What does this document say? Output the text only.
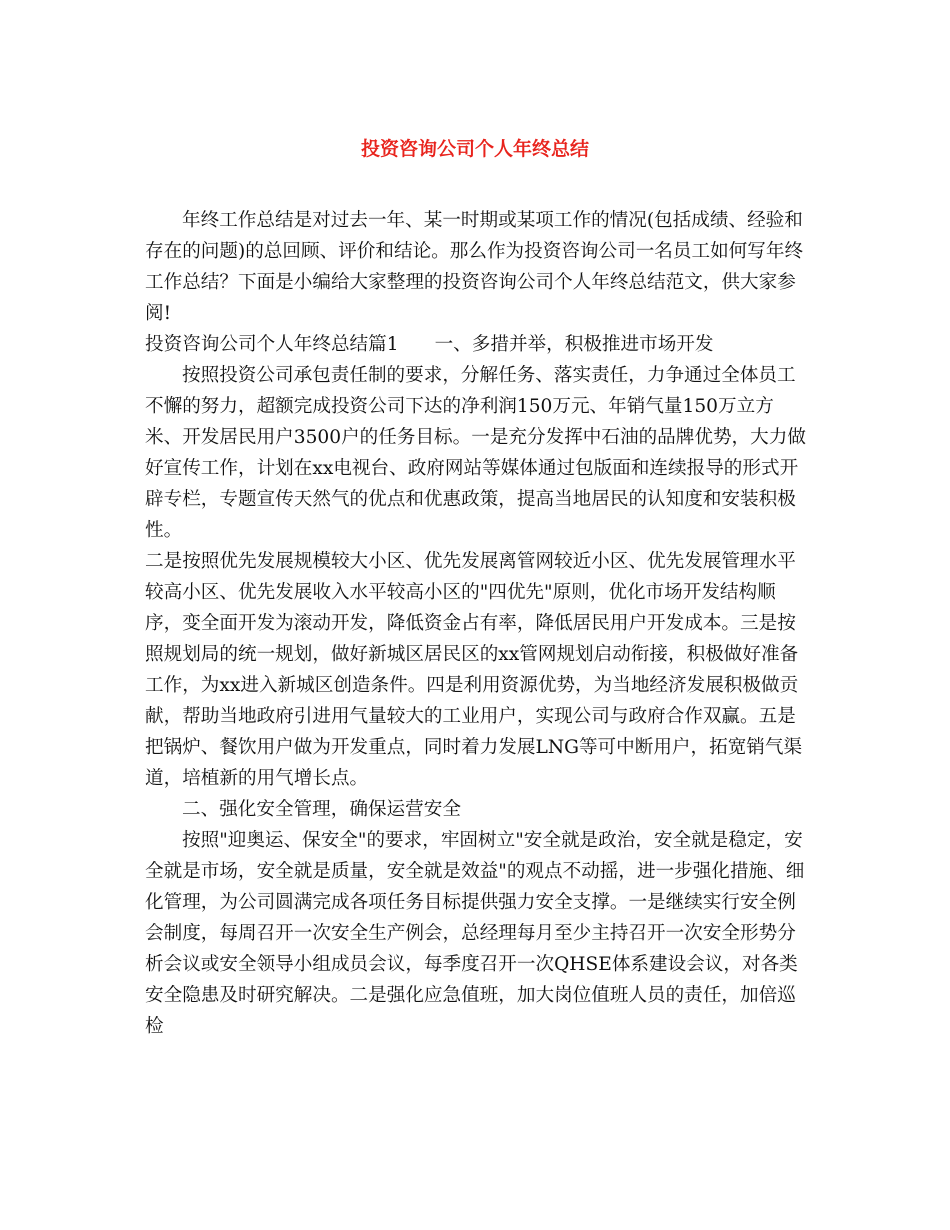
投资咨询公司个人年终总结

年终工作总结是对过去一年、某一时期或某项工作的情况(包括成绩、经验和存在的问题)的总回顾、评价和结论。那么作为投资咨询公司一名员工如何写年终工作总结？下面是小编给大家整理的投资咨询公司个人年终总结范文，供大家参阅!

投资咨询公司个人年终总结篇1 一、多措并举，积极推进市场开发

按照投资公司承包责任制的要求，分解任务、落实责任，力争通过全体员工不懈的努力，超额完成投资公司下达的净利润150万元、年销气量150万立方米、开发居民用户3500户的任务目标。一是充分发挥中石油的品牌优势，大力做好宣传工作，计划在xx电视台、政府网站等媒体通过包版面和连续报导的形式开辟专栏，专题宣传天然气的优点和优惠政策，提高当地居民的认知度和安装积极性。

二是按照优先发展规模较大小区、优先发展离管网较近小区、优先发展管理水平较高小区、优先发展收入水平较高小区的"四优先"原则，优化市场开发结构顺序，变全面开发为滚动开发，降低资金占有率，降低居民用户开发成本。三是按照规划局的统一规划，做好新城区居民区的xx管网规划启动衔接，积极做好准备工作，为xx进入新城区创造条件。四是利用资源优势，为当地经济发展积极做贡献，帮助当地政府引进用气量较大的工业用户，实现公司与政府合作双赢。五是把锅炉、餐饮用户做为开发重点，同时着力发展LNG等可中断用户，拓宽销气渠道，培植新的用气增长点。

二、强化安全管理，确保运营安全

按照"迎奥运、保安全"的要求，牢固树立"安全就是政治，安全就是稳定，安全就是市场，安全就是质量，安全就是效益"的观点不动摇，进一步强化措施、细化管理，为公司圆满完成各项任务目标提供强力安全支撑。一是继续实行安全例会制度，每周召开一次安全生产例会，总经理每月至少主持召开一次安全形势分析会议或安全领导小组成员会议，每季度召开一次QHSE体系建设会议，对各类安全隐患及时研究解决。二是强化应急值班，加大岗位值班人员的责任，加倍巡检
